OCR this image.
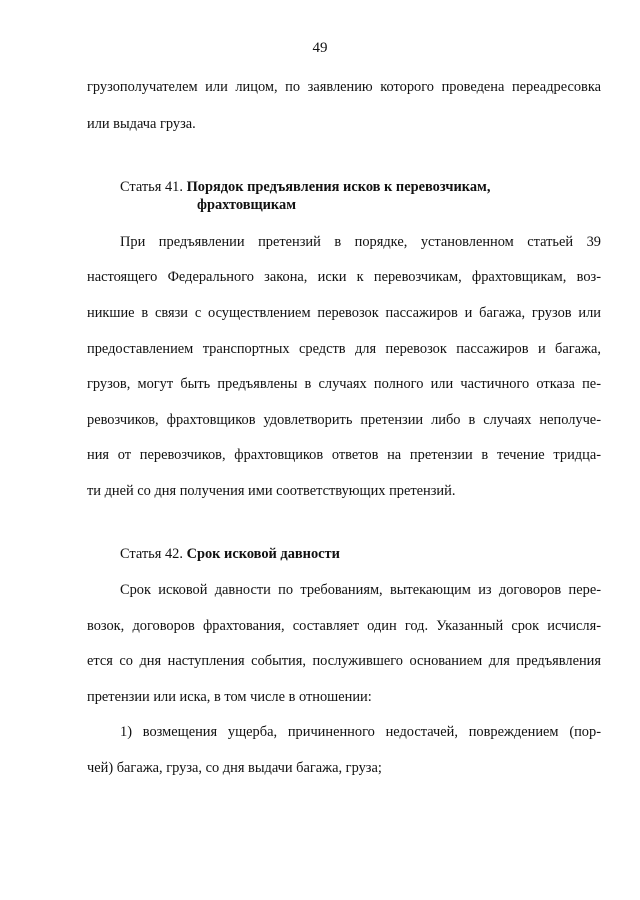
49
грузополучателем или лицом, по заявлению которого проведена переадресовка
или выдача груза.
Статья 41. Порядок предъявления исков к перевозчикам,
фрахтовщикам
При предъявлении претензий в порядке, установленном статьей 39
настоящего Федерального закона, иски к перевозчикам, фрахтовщикам, воз-
никшие в связи с осуществлением перевозок пассажиров и багажа, грузов или
предоставлением транспортных средств для перевозок пассажиров и багажа,
грузов, могут быть предъявлены в случаях полного или частичного отказа пе-
ревозчиков, фрахтовщиков удовлетворить претензии либо в случаях неполуче-
ния от перевозчиков, фрахтовщиков ответов на претензии в течение тридца-
ти дней со дня получения ими соответствующих претензий.
Статья 42. Срок исковой давности
Срок исковой давности по требованиям, вытекающим из договоров пере-
возок, договоров фрахтования, составляет один год. Указанный срок исчисля-
ется со дня наступления события, послужившего основанием для предъявления
претензии или иска, в том числе в отношении:
1) возмещения ущерба, причиненного недостачей, повреждением (пор-
чей) багажа, груза, со дня выдачи багажа, груза;
